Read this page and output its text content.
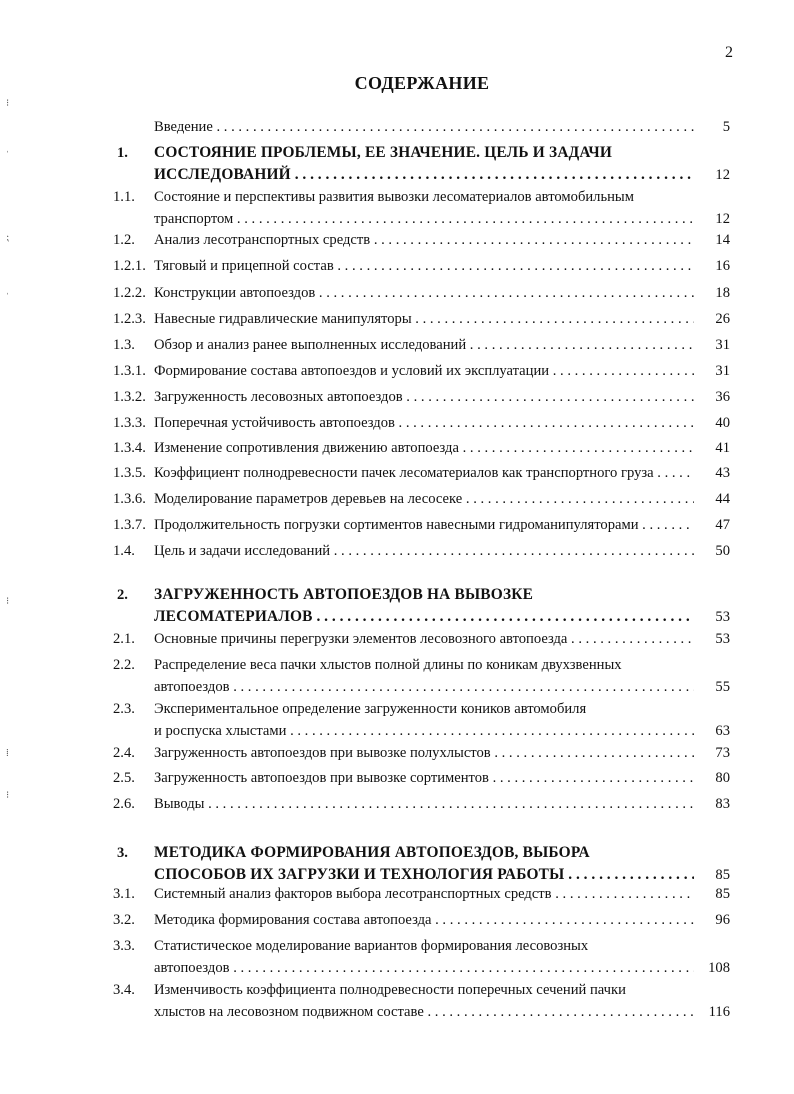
2
СОДЕРЖАНИЕ
Введение . . .	5
1. СОСТОЯНИЕ ПРОБЛЕМЫ, ЕЕ ЗНАЧЕНИЕ. ЦЕЛЬ И ЗАДАЧИ
ИССЛЕДОВАНИЙ . . .	12
1.1. Состояние и перспективы развития вывозки лесоматериалов автомобильным
транспортом . . .	12
1.2. Анализ лесотранспортных средств . . .	14
1.2.1. Тяговый и прицепной состав . . .	16
1.2.2. Конструкции автопоездов . . .	18
1.2.3. Навесные гидравлические манипуляторы . . .	26
1.3. Обзор и анализ ранее выполненных исследований . . .	31
1.3.1. Формирование состава автопоездов и условий их эксплуатации . . .	31
1.3.2. Загруженность лесовозных автопоездов . . .	36
1.3.3. Поперечная устойчивость автопоездов . . .	40
1.3.4. Изменение сопротивления движению автопоезда . . .	41
1.3.5. Коэффициент полнодревесности пачек лесоматериалов как транспортного груза . . .	43
1.3.6. Моделирование параметров деревьев на лесосеке . . .	44
1.3.7. Продолжительность погрузки сортиментов навесными гидроманипуляторами . . .	47
1.4. Цель и задачи исследований . . .	50
2. ЗАГРУЖЕННОСТЬ АВТОПОЕЗДОВ НА ВЫВОЗКЕ
ЛЕСОМАТЕРИАЛОВ . . .	53
2.1. Основные причины перегрузки элементов лесовозного автопоезда . . .	53
2.2. Распределение веса пачки хлыстов полной длины по коникам двухзвенных
автопоездов . . .	55
2.3. Экспериментальное определение загруженности коников автомобиля
и роспуска хлыстами . . .	63
2.4. Загруженность автопоездов при вывозке полухлыстов . . .	73
2.5. Загруженность автопоездов при вывозке сортиментов . . .	80
2.6. Выводы . . .	83
3. МЕТОДИКА ФОРМИРОВАНИЯ АВТОПОЕЗДОВ, ВЫБОРА
СПОСОБОВ ИХ ЗАГРУЗКИ И ТЕХНОЛОГИЯ РАБОТЫ . . .	85
3.1. Системный анализ факторов выбора лесотранспортных средств . . .	85
3.2. Методика формирования состава автопоезда . . .	96
3.3. Статистическое моделирование вариантов формирования лесовозных
автопоездов . . .	108
3.4. Изменчивость коэффициента полнодревесности поперечных сечений пачки
хлыстов на лесовозном подвижном составе . . .	116
⁝
ˈ
⁏
ˈ
⁝
⁞
⁝
